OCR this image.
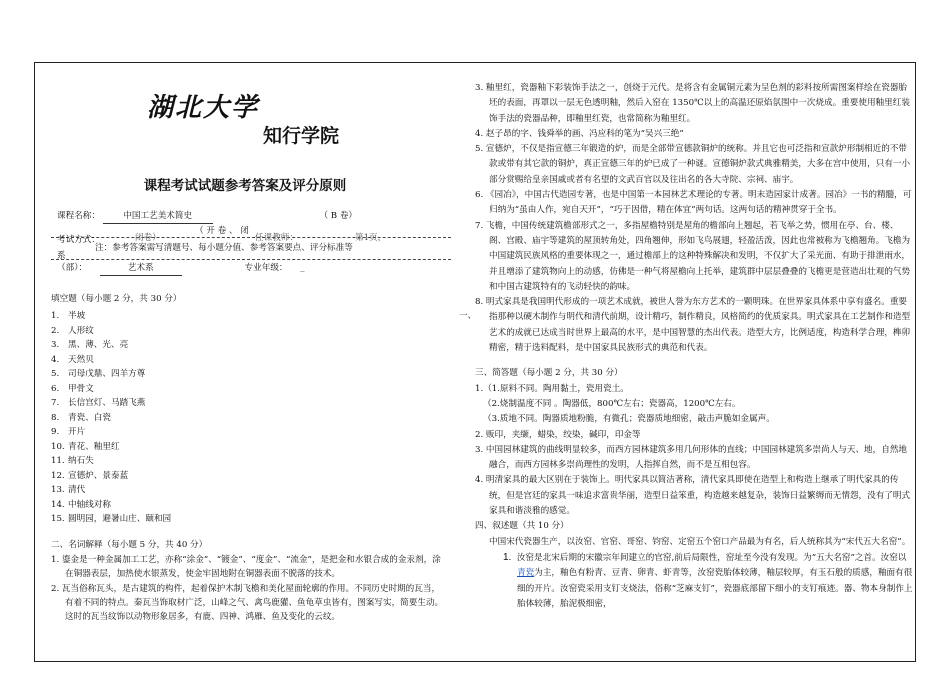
湖北大学
知行学院
课程考试试题参考答案及评分原则
课程名称：	中国工艺美术简史	（ B 卷）
（ 开 卷 、 闭
考试方式：	闭卷）	任课教师：	第1页，
注：参考答案需写清题号、每小题分值、参考答案要点、评分标准等
系
（部）：	艺术系	专业年级： _
填空题（每小题 2 分，共 30 分）
1. 半坡
2. 人形纹
3. 黑、薄、光、亮
4. 天然贝
5. 司母戊鼎、四羊方尊
6. 甲骨文
7. 长信宫灯、马踏飞燕
8. 青瓷、白瓷
9. 开片
10. 青花、釉里红
11. 纳石失
12. 宣德炉、景泰蓝
13. 清代
14. 中轴线对称
15. 圆明园，避暑山庄、颐和园
二、名词解释（每小题 5 分，共 40 分）

1. 鎏金是一种金属加工工艺，亦称“涂金”、“镀金”、“度金”、“流金”，是把金和水银合成的金汞剂，涂在铜器表层，加热使水银蒸发，使金牢固地附在铜器表面不脱落的技术。

2. 瓦当俗称瓦头，是古建筑的构件，起着保护木制飞檐和美化屋面轮廓的作用。不同历史时期的瓦当，有着不同的特点。秦瓦当饰取材广泛，山峰之气、禽鸟鹿獾、鱼龟草虫皆有，图案写实，简要生动。这时的瓦当纹饰以动物形象居多，有鹿、四神、鸿雁、鱼及变化的云纹。

一、

3. 釉里红，瓷器釉下彩装饰手法之一，创烧于元代。是将含有金属铜元素为呈色剂的彩料按所需图案样绘在瓷器胎坯的表面，再罩以一层无色透明釉，然后入窑在 1350℃以上的高温还原焰氛围中一次烧成。重要使用釉里红装饰手法的瓷器品种，即釉里红瓷，也常简称为釉里红。

4. 赵子昂的字、钱舜举的画、冯应科的笔为“吴兴三绝”

5. 宣德炉，不仅是指宣德三年锻造的炉，而是全部带宣德款铜炉的统称。并且它也可泛指和宣款炉形制相近的不带款或带有其它款的铜炉，真正宣德三年的炉已成了一种谜。宣德铜炉款式典雅精美，大多在宫中使用，只有一小部分赏赐给皇亲国戚或者有名望的文武百官以及往出名的各大寺院、宗祠、庙宇。

6. 《园冶》，中国古代造园专著，也是中国第一本园林艺术理论的专著。明末造园家计成著。园冶》一书的精髓，可归纳为“虽由人作，宛自天开”，“巧于因借，精在体宜”两句话。这两句话的精神贯穿于全书。

7. 飞檐，中国传统建筑檐部形式之一，多指屋檐特别是屋角的檐部向上翘起，若飞举之势，惯用在亭、台、楼、阁、宫殿、庙宇等建筑的屋顶转角处，四角翘伸，形如飞鸟展翅，轻盈活泼，因此也常被称为飞檐翘角。飞檐为中国建筑民族风格的重要体现之一，通过檐部上的这种特殊解决和发明，不仅扩大了采光面、有助于排泄雨水，并且增添了建筑物向上的动感，仿佛是一种气将屋檐向上托举，建筑群中层层叠叠的飞檐更是营造出壮观的气势和中国古建筑特有的飞动轻快的韵味。

8. 明式家具是我国明代形成的一项艺术成就，被世人誉为东方艺术的一颗明珠。在世界家具体系中享有盛名。重要指那种以硬木制作与明代和清代前期，设计精巧，制作精良，风格简约的优质家具。明式家具在工艺制作和造型艺术的成就已达成当时世界上最高的水平，是中国智慧的杰出代表。造型大方，比例适度，构造科学合理，榫卯精密，精于选料配料，是中国家具民族形式的典范和代表。

三、简答题（每小题 2 分，共 30 分）

1.（1.原料不同。陶用黏土，瓷用瓷土。

（2.烧制温度不同 。陶器低，800℃左右；瓷器高，1200℃左右。

（3.质地不同。陶器质地粉脆，有微孔；瓷器质地细密，敲击声脆如金属声。

2. 贩印，夹缬，蜡染，绞染，碱印，印金等

3. 中国园林建筑的曲线明显较多，而西方园林建筑多用几何形体的直线；中国园林建筑多崇尚人与天、地，自然地融合，而西方园林多崇尚理性的发明，人指挥自然，而不是互相包容。

4. 明清家具的最大区别在于装饰上。明代家具以简洁著称，清代家具即使在造型上和构造上继承了明代家具的传统，但是宫廷的家具一味追求富贵华丽，造型日益笨重，构造越来越复杂，装饰日益繁缛而无情怨，没有了明式家具和谐淡雅的感觉。

四、叙述题（共 10 分）

中国宋代瓷器生产，以汝窑、官窑、哥窑、钧窑、定窑五个窑口产品最为有名，后人统称其为“宋代五大名窑”。

1. 汝窑是北宋后期的宋徽宗年间建立的官窑,前后局限性，窑址至今没有发现。为“五大名窑”之首。汝窑以青瓷为主，釉色有粉青、豆青、卵青、虾青等，汝窑瓷胎体较薄，釉层较厚，有玉石般的质感，釉面有很细的开片。汝窑瓷采用支钉支烧法，俗称“芝麻支钉”，瓷器底部留下细小的支钉痕迹。器、物本身制作上胎体较薄，胎泥极细密，
